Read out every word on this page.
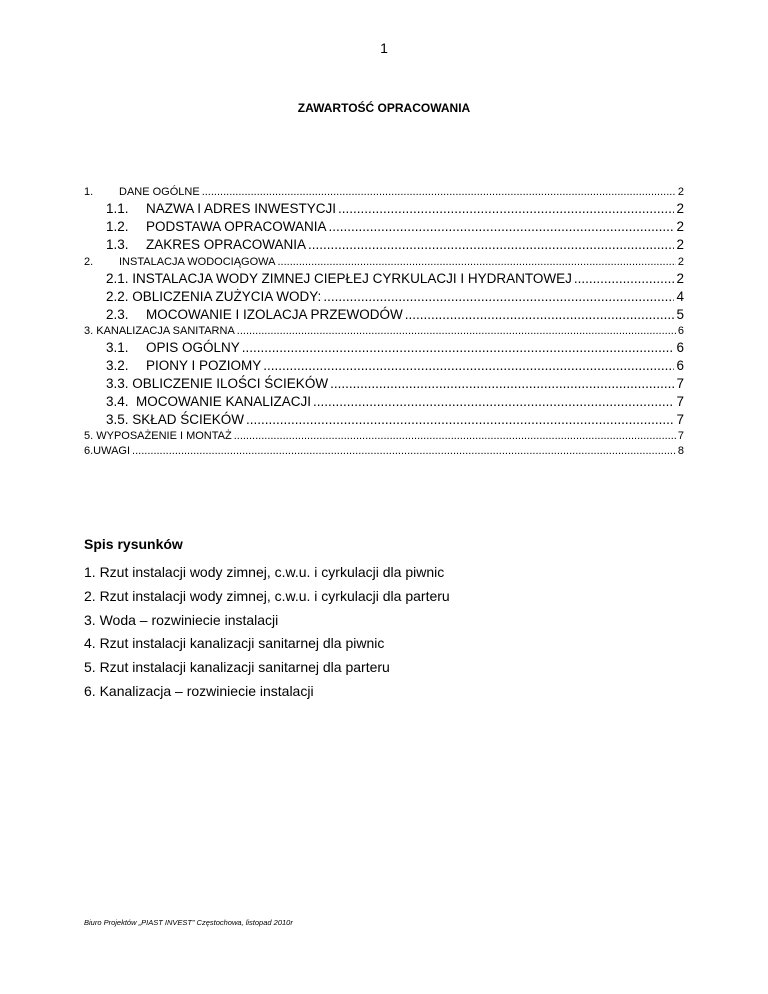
1
ZAWARTOŚĆ OPRACOWANIA
1. DANE OGÓLNE .....	2
1.1. NAZWA I ADRES INWESTYCJI .....	2
1.2. PODSTAWA OPRACOWANIA .....	2
1.3. ZAKRES OPRACOWANIA .....	2
2. INSTALACJA WODOCIĄGOWA .....	2
2.1. INSTALACJA WODY ZIMNEJ CIEPŁEJ CYRKULACJI I HYDRANTOWEJ .....	2
2.2. OBLICZENIA ZUŻYCIA WODY: .....	4
2.3. MOCOWANIE I IZOLACJA PRZEWODÓW .....	5
3. KANALIZACJA SANITARNA .....	6
3.1. OPIS OGÓLNY .....	6
3.2. PIONY I POZIOMY .....	6
3.3. OBLICZENIE ILOŚCI ŚCIEKÓW .....	7
3.4.  MOCOWANIE KANALIZACJI .....	7
3.5. SKŁAD ŚCIEKÓW .....	7
5. WYPOSAŻENIE I MONTAŻ .....	7
6.UWAGI .....	8
Spis rysunków
1. Rzut instalacji wody zimnej, c.w.u. i cyrkulacji dla piwnic
2. Rzut instalacji wody zimnej, c.w.u. i cyrkulacji dla parteru
3. Woda – rozwiniecie instalacji
4. Rzut instalacji kanalizacji sanitarnej dla piwnic
5. Rzut instalacji kanalizacji sanitarnej dla parteru
6. Kanalizacja – rozwiniecie instalacji
Biuro Projektów „PIAST INVEST” Częstochowa, listopad 2010r
